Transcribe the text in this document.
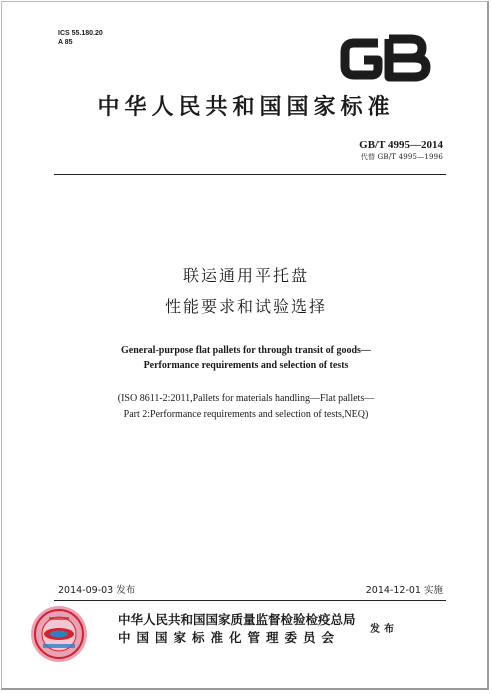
ICS 55.180.20
A 85
GB
中华人民共和国国家标准
GB/T 4995—2014
代替 GB/T 4995—1996
联运通用平托盘
性能要求和试验选择
General-purpose flat pallets for through transit of goods—
Performance requirements and selection of tests
(ISO 8611-2:2011,Pallets for materials handling—Flat pallets—
Part 2:Performance requirements and selection of tests,NEQ)
2014-09-03 发布	2014-12-01 实施
中华人民共和国国家质量监督检验检疫总局
中国国家标准化管理委员会
发布
